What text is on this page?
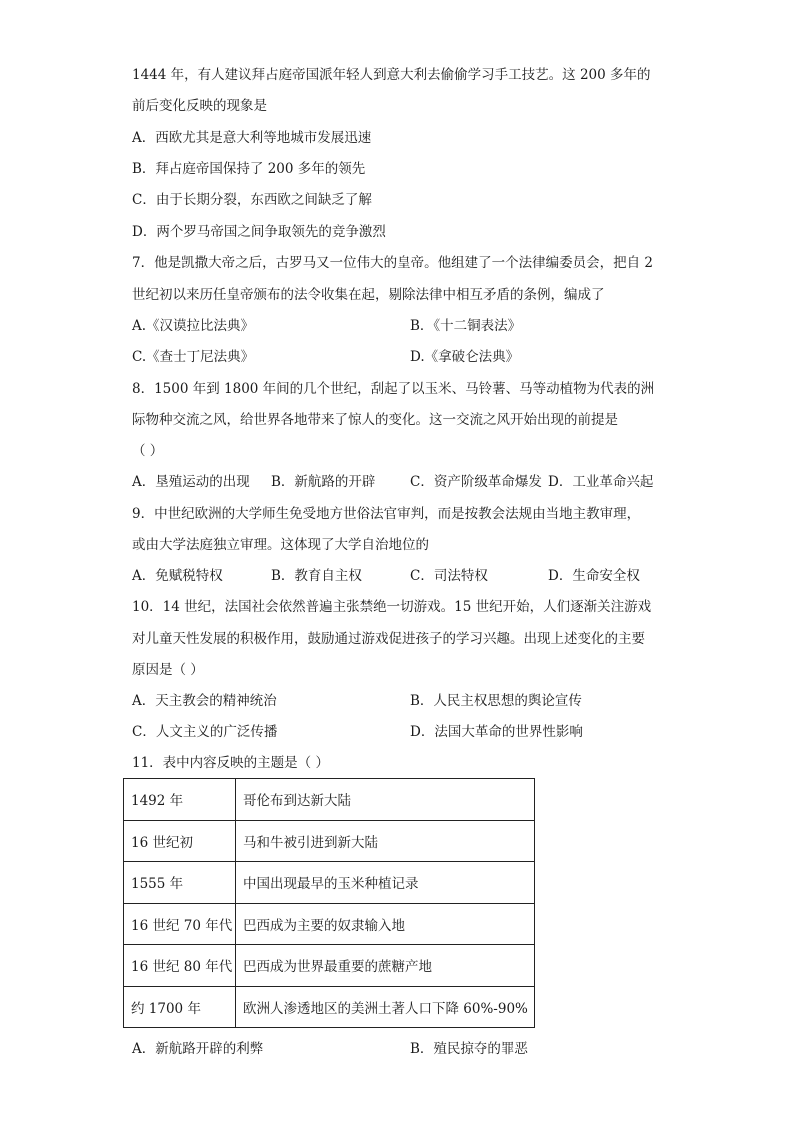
1444 年，有人建议拜占庭帝国派年轻人到意大利去偷偷学习手工技艺。这 200 多年的
前后变化反映的现象是
A．西欧尤其是意大利等地城市发展迅速
B．拜占庭帝国保持了 200 多年的领先
C．由于长期分裂，东西欧之间缺乏了解
D．两个罗马帝国之间争取领先的竞争激烈
7．他是凯撒大帝之后，古罗马又一位伟大的皇帝。他组建了一个法律编委员会，把自 2
世纪初以来历任皇帝颁布的法令收集在起，剔除法律中相互矛盾的条例，编成了
A.《汉谟拉比法典》	B．《十二铜表法》
C.《查士丁尼法典》	D.《拿破仑法典》
8．1500 年到 1800 年间的几个世纪，刮起了以玉米、马铃薯、马等动植物为代表的洲
际物种交流之风，给世界各地带来了惊人的变化。这一交流之风开始出现的前提是
（ ）
A．垦殖运动的出现 B．新航路的开辟	C．资产阶级革命爆发 D．工业革命兴起
9．中世纪欧洲的大学师生免受地方世俗法官审判，而是按教会法规由当地主教审理，
或由大学法庭独立审理。这体现了大学自治地位的
A．免赋税特权	B．教育自主权	C．司法特权	D．生命安全权
10．14 世纪，法国社会依然普遍主张禁绝一切游戏。15 世纪开始，人们逐渐关注游戏
对儿童天性发展的积极作用，鼓励通过游戏促进孩子的学习兴趣。出现上述变化的主要
原因是（ ）
A．天主教会的精神统治	B．人民主权思想的舆论宣传
C．人文主义的广泛传播	D．法国大革命的世界性影响
11．表中内容反映的主题是（ ）
1492 年	哥伦布到达新大陆
16 世纪初	马和牛被引进到新大陆
1555 年	中国出现最早的玉米种植记录
16 世纪 70 年代	巴西成为主要的奴隶输入地
16 世纪 80 年代	巴西成为世界最重要的蔗糖产地
约 1700 年	欧洲人渗透地区的美洲土著人口下降 60%-90%
A．新航路开辟的利弊	B．殖民掠夺的罪恶
